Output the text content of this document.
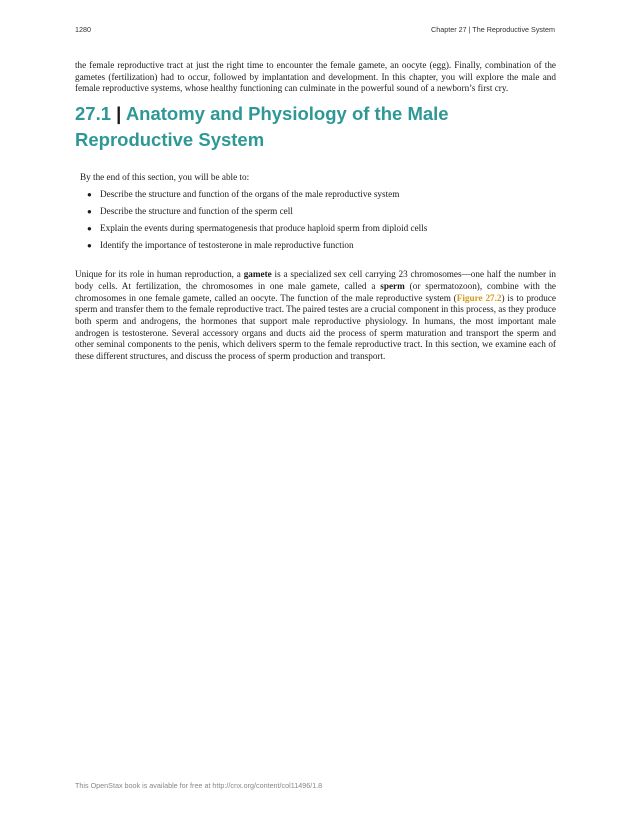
1280	Chapter 27 | The Reproductive System

the female reproductive tract at just the right time to encounter the female gamete, an oocyte (egg). Finally, combination of the gametes (fertilization) had to occur, followed by implantation and development. In this chapter, you will explore the male and female reproductive systems, whose healthy functioning can culminate in the powerful sound of a newborn’s first cry.

27.1 | Anatomy and Physiology of the Male Reproductive System

By the end of this section, you will be able to:

● Describe the structure and function of the organs of the male reproductive system
● Describe the structure and function of the sperm cell
● Explain the events during spermatogenesis that produce haploid sperm from diploid cells
● Identify the importance of testosterone in male reproductive function

Unique for its role in human reproduction, a gamete is a specialized sex cell carrying 23 chromosomes—one half the number in body cells. At fertilization, the chromosomes in one male gamete, called a sperm (or spermatozoon), combine with the chromosomes in one female gamete, called an oocyte. The function of the male reproductive system (Figure 27.2) is to produce sperm and transfer them to the female reproductive tract. The paired testes are a crucial component in this process, as they produce both sperm and androgens, the hormones that support male reproductive physiology. In humans, the most important male androgen is testosterone. Several accessory organs and ducts aid the process of sperm maturation and transport the sperm and other seminal components to the penis, which delivers sperm to the female reproductive tract. In this section, we examine each of these different structures, and discuss the process of sperm production and transport.

This OpenStax book is available for free at http://cnx.org/content/col11496/1.8
